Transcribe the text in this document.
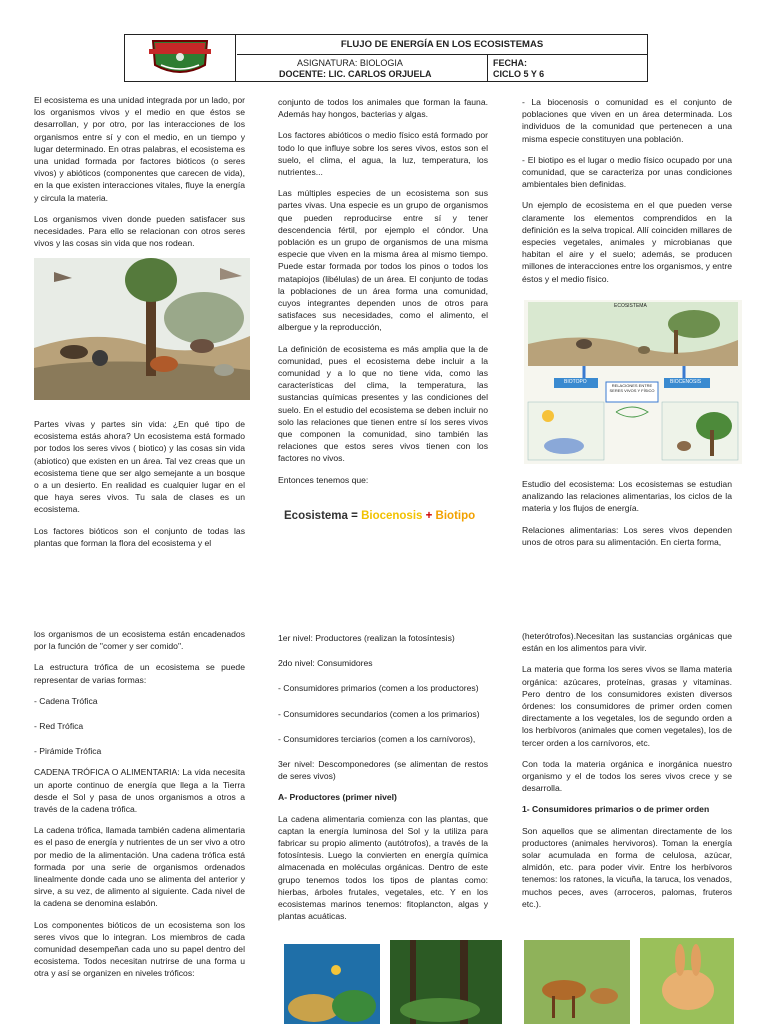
FLUJO DE ENERGÍA EN LOS ECOSISTEMAS
ASIGNATURA: BIOLOGIA
DOCENTE: LIC. CARLOS ORJUELA
FECHA:
CICLO 5 Y 6

El ecosistema es una unidad integrada por un lado, por los organismos vivos y el medio en que éstos se desarrollan, y por otro, por las interacciones de los organismos entre sí y con el medio, en un tiempo y lugar determinado. En otras palabras, el ecosistema es una unidad formada por factores bióticos (o seres vivos) y abióticos (componentes que carecen de vida), en la que existen interacciones vitales, fluye la energía y circula la materia.

Los organismos viven donde pueden satisfacer sus necesidades. Para ello se relacionan con otros seres vivos y las cosas sin vida que nos rodean.

Partes vivas y partes sin vida: ¿En qué tipo de ecosistema estás ahora? Un ecosistema está formado por todos los seres vivos ( biotico) y las cosas sin vida (abiotico) que existen en un área. Tal vez creas que un ecosistema tiene que ser algo semejante a un bosque o a un desierto. En realidad es cualquier lugar en el que haya seres vivos. Tu sala de clases es un ecosistema.

Los factores bióticos son el conjunto de todas las plantas que forman la flora del ecosistema y el

conjunto de todos los animales que forman la fauna. Además hay hongos, bacterias y algas.

Los factores abióticos o medio físico está formado por todo lo que influye sobre los seres vivos, estos son el suelo, el clima, el agua, la luz, temperatura, los nutrientes...

Las múltiples especies de un ecosistema son sus partes vivas. Una especie es un grupo de organismos que pueden reproducirse entre sí y tener descendencia fértil, por ejemplo el cóndor. Una población es un grupo de organismos de una misma especie que viven en la misma área al mismo tiempo. Puede estar formada por todos los pinos o todos los matapiojos (libélulas) de un área. El conjunto de todas la poblaciones de un área forma una comunidad, cuyos integrantes dependen unos de otros para satisfaces sus necesidades, como el alimento, el albergue y la reproducción,

La definición de ecosistema es más amplia que la de comunidad, pues el ecosistema debe incluir a la comunidad y a lo que no tiene vida, como las características del clima, la temperatura, las sustancias químicas presentes y las condiciones del suelo. En el estudio del ecosistema se deben incluir no solo las relaciones que tienen entre sí los seres vivos que componen la comunidad, sino también las relaciones que estos seres vivos tienen con los factores no vivos.

Entonces tenemos que:

Ecosistema = Biocenosis + Biotipo

- La biocenosis o comunidad es el conjunto de poblaciones que viven en un área determinada. Los individuos de la comunidad que pertenecen a una misma especie constituyen una población.

- El biotipo es el lugar o medio físico ocupado por una comunidad, que se caracteriza por unas condiciones ambientales bien definidas.

Un ejemplo de ecosistema en el que pueden verse claramente los elementos comprendidos en la definición es la selva tropical. Allí coinciden millares de especies vegetales, animales y microbianas que habitan el aire y el suelo; además, se producen millones de interacciones entre los organismos, y entre éstos y el medio físico.

ECOSISTEMA
BIOTOPO
RELACIONES ENTRE SERES VIVOS Y FÍSICO
BIOCENOSIS

Estudio del ecosistema: Los ecosistemas se estudian analizando las relaciones alimentarias, los ciclos de la materia y los flujos de energía.

Relaciones alimentarias: Los seres vivos dependen unos de otros para su alimentación. En cierta forma,

los organismos de un ecosistema están encadenados por la función de "comer y ser comido".

La estructura trófica de un ecosistema se puede representar de varias formas:

- Cadena Trófica

- Red Trófica

- Pirámide Trófica

CADENA TRÓFICA O ALIMENTARIA: La vida necesita un aporte continuo de energía que llega a la Tierra desde el Sol y pasa de unos organismos a otros a través de la cadena trófica.

La cadena trófica, llamada también cadena alimentaria es el paso de energía y nutrientes de un ser vivo a otro por medio de la alimentación. Una cadena trófica está formada por una serie de organismos ordenados linealmente donde cada uno se alimenta del anterior y sirve, a su vez, de alimento al siguiente. Cada nivel de la cadena se denomina eslabón.

Los componentes bióticos de un ecosistema son los seres vivos que lo integran. Los miembros de cada comunidad desempeñan cada uno su papel dentro del ecosistema. Todos necesitan nutrirse de una forma u otra y así se organizen en niveles tróficos:

1er nivel: Productores (realizan la fotosíntesis)

2do nivel: Consumidores

- Consumidores primarios (comen a los productores)

- Consumidores secundarios (comen a los primarios)

- Consumidores terciarios (comen a los carnívoros),

3er nivel: Descomponedores (se alimentan de restos de seres vivos)

A- Productores (primer nivel)

La cadena alimentaria comienza con las plantas, que captan la energía luminosa del Sol y la utiliza para fabricar su propio alimento (autótrofos), a través de la fotosíntesis. Luego la convierten en energía química almacenada en moléculas orgánicas. Dentro de este grupo tenemos todos los tipos de plantas como: hierbas, árboles frutales, vegetales, etc. Y en los ecosistemas marinos tenemos: fitoplancton, algas y plantas acuáticas.

(heterótrofos).Necesitan las sustancias orgánicas que están en los alimentos para vivir.

La materia que forma los seres vivos se llama materia orgánica: azúcares, proteínas, grasas y vitaminas. Pero dentro de los consumidores existen diversos órdenes: los consumidores de primer orden comen directamente a los vegetales, los de segundo orden a los herbívoros (animales que comen vegetales), los de tercer orden a los carnívoros, etc.

Con toda la materia orgánica e inorgánica nuestro organismo y el de todos los seres vivos crece y se desarrolla.

1- Consumidores primarios o de primer orden

Son aquellos que se alimentan directamente de los productores (animales hervivoros). Toman la energía solar acumulada en forma de celulosa, azúcar, almidón, etc. para poder vivir. Entre los herbívoros tenemos: los ratones, la vicuña, la taruca, los venados, muchos peces, aves (arroceros, palomas, fruteros etc.).
